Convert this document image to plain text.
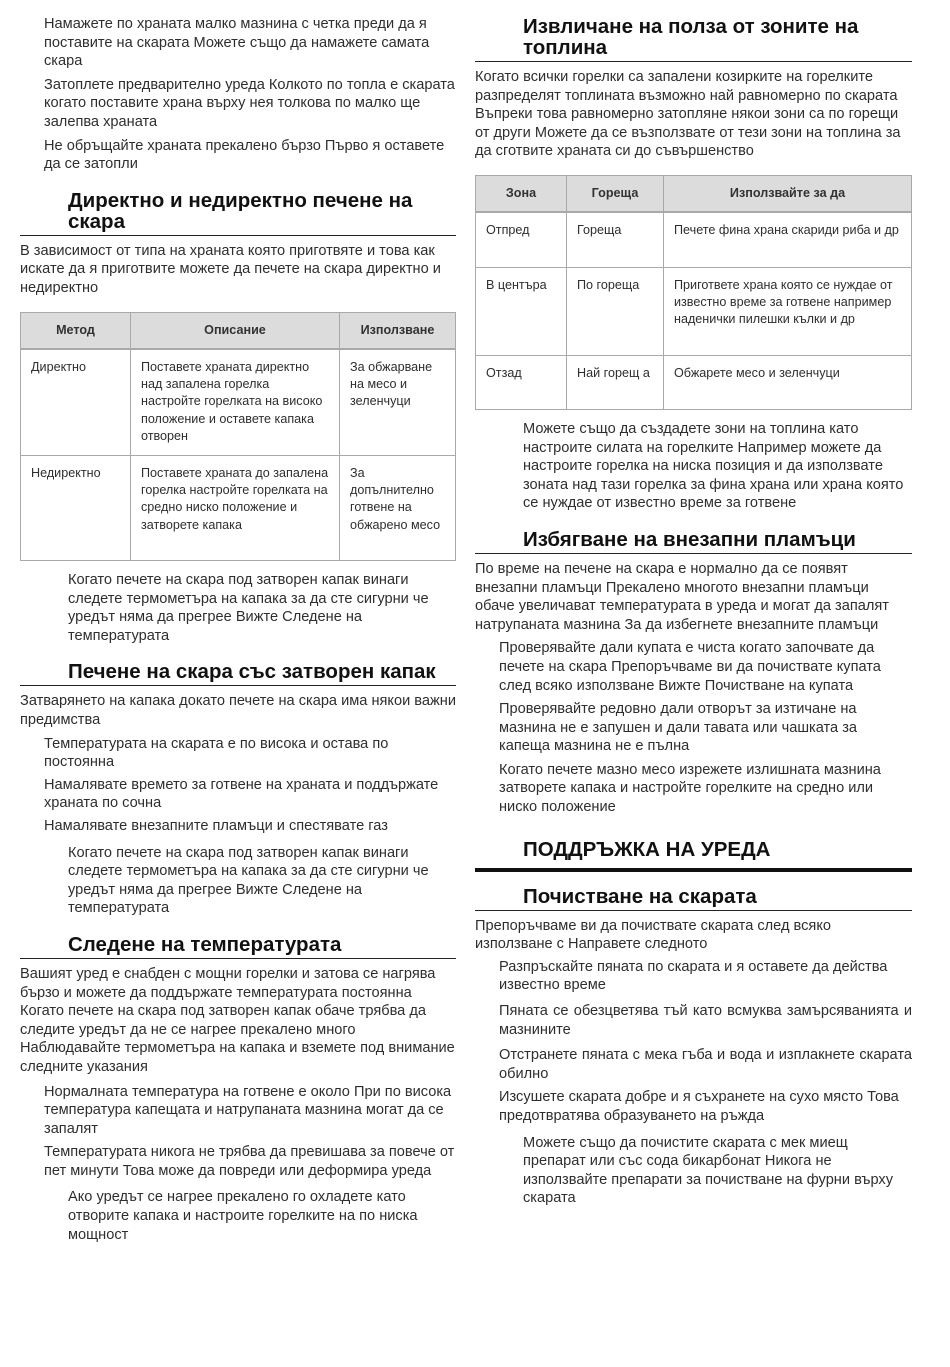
Намажете по храната малко мазнина с четка преди да я поставите на скарата Можете също да намажете самата скара

Затоплете предварително уреда Колкото по топла е скарата когато поставите храна върху нея толкова по малко ще залепва храната

Не обръщайте храната прекалено бързо Първо я оставете да се затопли

Директно и недиректно печене на скара

В зависимост от типа на храната която приготвяте и това как искате да я приготвите можете да печете на скара директно и недиректно

Метод	Описание	Използване
Директно	Поставете храната директно над запалена горелка настройте горелката на високо положение и оставете капака отворен	За обжарване на месо и зеленчуци
Недиректно	Поставете храната до запалена горелка настройте горелката на средно ниско положение и затворете капака	За допълнително готвене на обжарено месо

Когато печете на скара под затворен капак винаги следете термометъра на капака за да сте сигурни че уредът няма да прегрее Вижте Следене на температурата

Печене на скара със затворен капак

Затварянето на капака докато печете на скара има някои важни предимства

Температурата на скарата е по висока и остава по постоянна

Намалявате времето за готвене на храната и поддържате храната по сочна

Намалявате внезапните пламъци и спестявате газ

Когато печете на скара под затворен капак винаги следете термометъра на капака за да сте сигурни че уредът няма да прегрее Вижте Следене на температурата

Следене на температурата

Вашият уред е снабден с мощни горелки и затова се нагрява бързо и можете да поддържате температурата постоянна Когато печете на скара под затворен капак обаче трябва да следите уредът да не се нагрее прекалено много Наблюдавайте термометъра на капака и вземете под внимание следните указания

Нормалната температура на готвене е около При по висока температура капещата и натрупаната мазнина могат да се запалят

Температурата никога не трябва да превишава за повече от пет минути Това може да повреди или деформира уреда

Ако уредът се нагрее прекалено го охладете като отворите капака и настроите горелките на по ниска мощност

Извличане на полза от зоните на топлина

Когато всички горелки са запалени козирките на горелките разпределят топлината възможно най равномерно по скарата Въпреки това равномерно затопляне някои зони са по горещи от други Можете да се възползвате от тези зони на топлина за да сготвите храната си до съвършенство

Зона	Гореща	Използвайте за да
Отпред	Гореща	Печете фина храна скариди риба и др
В центъра	По гореща	Пригответе храна която се нуждае от известно време за готвене например наденички пилешки кълки и др
Отзад	Най горещ а	Обжарете месо и зеленчуци

Можете също да създадете зони на топлина като настроите силата на горелките Например можете да настроите горелка на ниска позиция и да използвате зоната над тази горелка за фина храна или храна която се нуждае от известно време за готвене

Избягване на внезапни пламъци

По време на печене на скара е нормално да се появят внезапни пламъци Прекалено многото внезапни пламъци обаче увеличават температурата в уреда и могат да запалят натрупаната мазнина За да избегнете внезапните пламъци

Проверявайте дали купата е чиста когато започвате да печете на скара Препоръчваме ви да почиствате купата след всяко използване Вижте Почистване на купата

Проверявайте редовно дали отворът за изтичане на мазнина не е запушен и дали тавата или чашката за капеща мазнина не е пълна

Когато печете мазно месо изрежете излишната мазнина затворете капака и настройте горелките на средно или ниско положение

ПОДДРЪЖКА НА УРЕДА
Почистване на скарата

Препоръчваме ви да почиствате скарата след всяко използване с Направете следното

Разпръскайте пяната по скарата и я оставете да действа известно време

Пяната се обезцветява тъй като всмуква замърсяванията и мазнините

Отстранете пяната с мека гъба и вода и изплакнете скарата обилно

Изсушете скарата добре и я съхранете на сухо място Това предотвратява образуването на ръжда

Можете също да почистите скарата с мек миещ препарат или със сода бикарбонат Никога не използвайте препарати за почистване на фурни върху скарата
